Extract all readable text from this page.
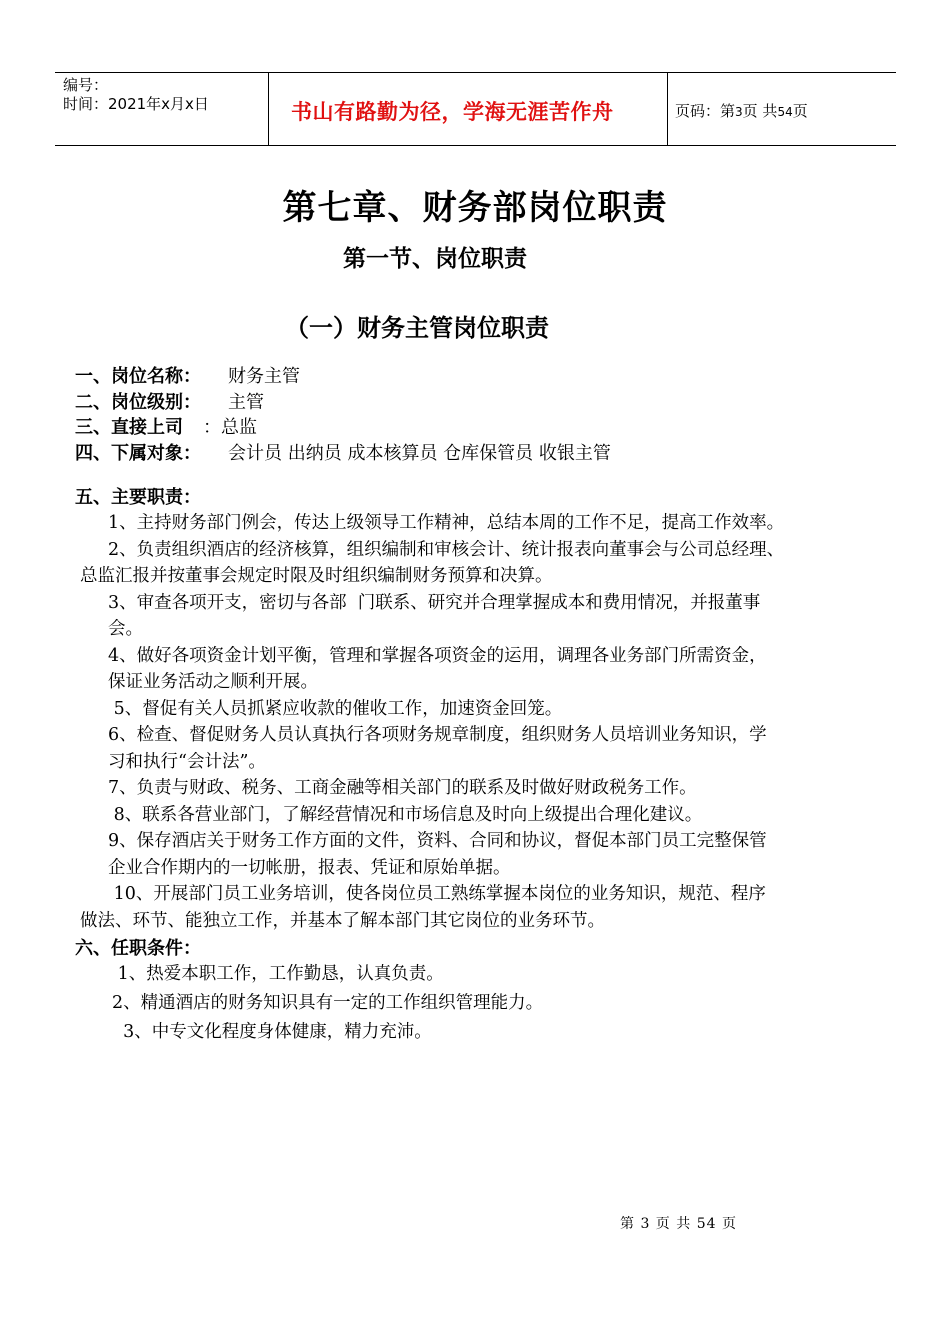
编号：
时间：2021年x月x日	书山有路勤为径，学海无涯苦作舟	页码：第3页 共54页
第七章、财务部岗位职责
第一节、岗位职责
（一）财务主管岗位职责
一、岗位名称： 财务主管
二、岗位级别： 主管
三、直接上司 ：总监
四、下属对象： 会计员 出纳员 成本核算员 仓库保管员 收银主管
五、主要职责：
1、主持财务部门例会，传达上级领导工作精神，总结本周的工作不足，提高工作效率。
2、负责组织酒店的经济核算，组织编制和审核会计、统计报表向董事会与公司总经理、
总监汇报并按董事会规定时限及时组织编制财务预算和决算。
3、审查各项开支，密切与各部  门联系、研究并合理掌握成本和费用情况，并报董事
会。
4、做好各项资金计划平衡，管理和掌握各项资金的运用，调理各业务部门所需资金，
保证业务活动之顺利开展。
5、督促有关人员抓紧应收款的催收工作，加速资金回笼。
6、检查、督促财务人员认真执行各项财务规章制度，组织财务人员培训业务知识，学
习和执行“会计法”。
7、负责与财政、税务、工商金融等相关部门的联系及时做好财政税务工作。
8、联系各营业部门，了解经营情况和市场信息及时向上级提出合理化建议。
9、保存酒店关于财务工作方面的文件，资料、合同和协议，督促本部门员工完整保管
企业合作期内的一切帐册，报表、凭证和原始单据。
10、开展部门员工业务培训，使各岗位员工熟练掌握本岗位的业务知识，规范、程序
做法、环节、能独立工作，并基本了解本部门其它岗位的业务环节。
六、任职条件：
1、热爱本职工作，工作勤恳，认真负责。
2、精通酒店的财务知识具有一定的工作组织管理能力。
3、中专文化程度身体健康，精力充沛。
第 3 页 共 54 页
